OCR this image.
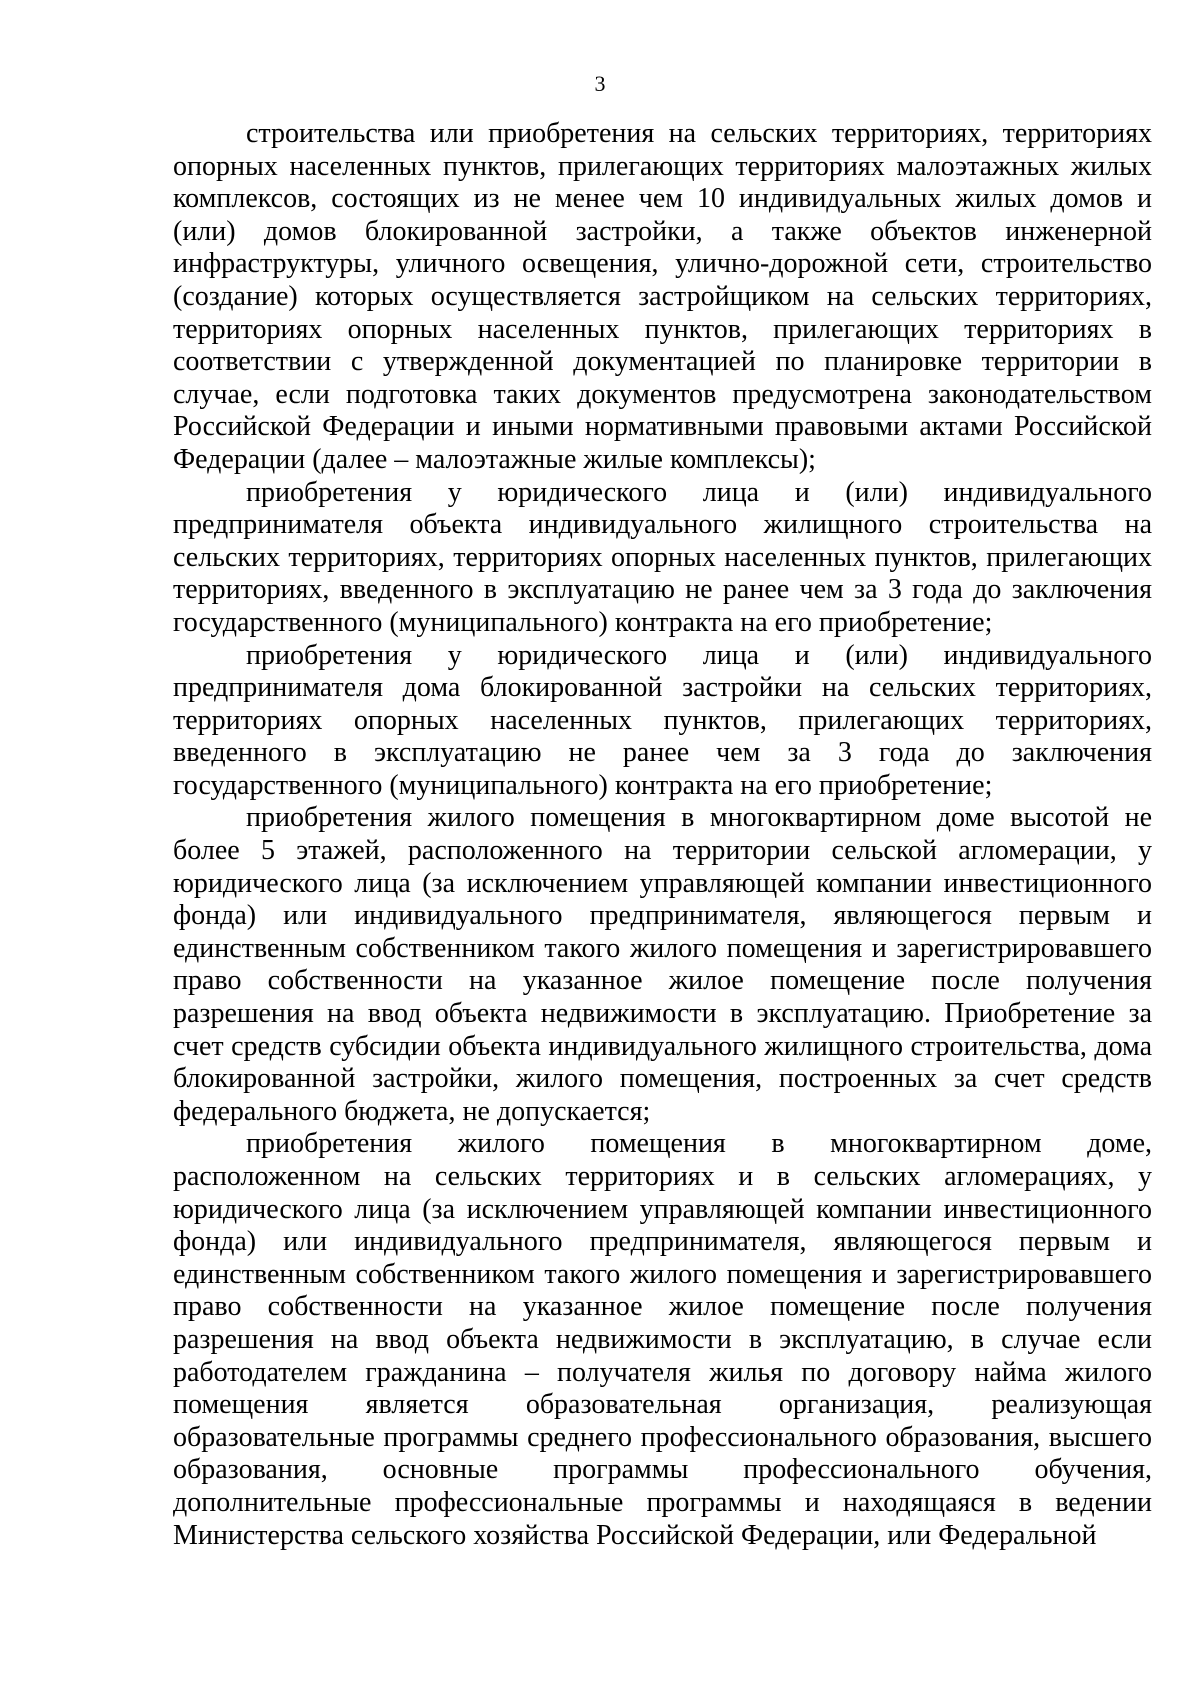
3

строительства или приобретения на сельских территориях, территориях опорных населенных пунктов, прилегающих территориях малоэтажных жилых комплексов, состоящих из не менее чем 10 индивидуальных жилых домов и (или) домов блокированной застройки, а также объектов инженерной инфраструктуры, уличного освещения, улично-дорожной сети, строительство (создание) которых осуществляется застройщиком на сельских территориях, территориях опорных населенных пунктов, прилегающих территориях в соответствии с утвержденной документацией по планировке территории в случае, если подготовка таких документов предусмотрена законодательством Российской Федерации и иными нормативными правовыми актами Российской Федерации (далее – малоэтажные жилые комплексы);

приобретения у юридического лица и (или) индивидуального предпринимателя объекта индивидуального жилищного строительства на сельских территориях, территориях опорных населенных пунктов, прилегающих территориях, введенного в эксплуатацию не ранее чем за 3 года до заключения государственного (муниципального) контракта на его приобретение;

приобретения у юридического лица и (или) индивидуального предпринимателя дома блокированной застройки на сельских территориях, территориях опорных населенных пунктов, прилегающих территориях, введенного в эксплуатацию не ранее чем за 3 года до заключения государственного (муниципального) контракта на его приобретение;

приобретения жилого помещения в многоквартирном доме высотой не более 5 этажей, расположенного на территории сельской агломерации, у юридического лица (за исключением управляющей компании инвестиционного фонда) или индивидуального предпринимателя, являющегося первым и единственным собственником такого жилого помещения и зарегистрировавшего право собственности на указанное жилое помещение после получения разрешения на ввод объекта недвижимости в эксплуатацию. Приобретение за счет средств субсидии объекта индивидуального жилищного строительства, дома блокированной застройки, жилого помещения, построенных за счет средств федерального бюджета, не допускается;

приобретения жилого помещения в многоквартирном доме, расположенном на сельских территориях и в сельских агломерациях, у юридического лица (за исключением управляющей компании инвестиционного фонда) или индивидуального предпринимателя, являющегося первым и единственным собственником такого жилого помещения и зарегистрировавшего право собственности на указанное жилое помещение после получения разрешения на ввод объекта недвижимости в эксплуатацию, в случае если работодателем гражданина – получателя жилья по договору найма жилого помещения является образовательная организация, реализующая образовательные программы среднего профессионального образования, высшего образования, основные программы профессионального обучения, дополнительные профессиональные программы и находящаяся в ведении Министерства сельского хозяйства Российской Федерации, или Федеральной
